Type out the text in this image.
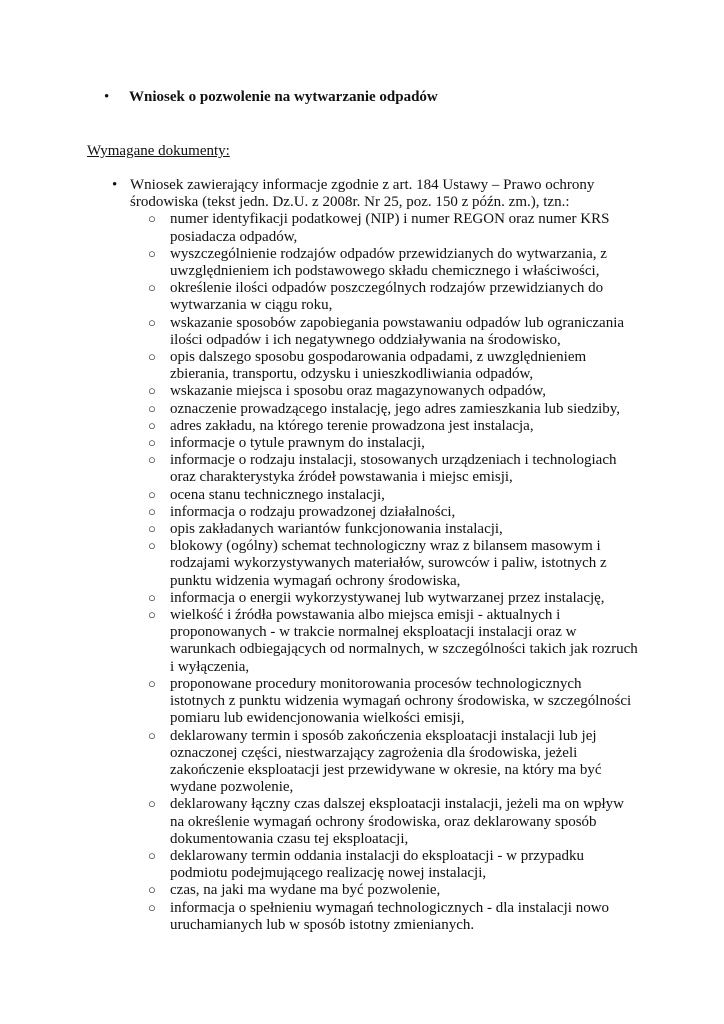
• Wniosek o pozwolenie na wytwarzanie odpadów
Wymagane dokumenty:
• Wniosek zawierający informacje zgodnie z art. 184 Ustawy – Prawo ochrony środowiska (tekst jedn. Dz.U. z 2008r. Nr 25, poz. 150 z późn. zm.), tzn.:
○ numer identyfikacji podatkowej (NIP) i numer REGON oraz numer KRS posiadacza odpadów,
○ wyszczególnienie rodzajów odpadów przewidzianych do wytwarzania, z uwzględnieniem ich podstawowego składu chemicznego i właściwości,
○ określenie ilości odpadów poszczególnych rodzajów przewidzianych do wytwarzania w ciągu roku,
○ wskazanie sposobów zapobiegania powstawaniu odpadów lub ograniczania ilości odpadów i ich negatywnego oddziaływania na środowisko,
○ opis dalszego sposobu gospodarowania odpadami, z uwzględnieniem zbierania, transportu, odzysku i unieszkodliwiania odpadów,
○ wskazanie miejsca i sposobu oraz magazynowanych odpadów,
○ oznaczenie prowadzącego instalację, jego adres zamieszkania lub siedziby,
○ adres zakładu, na którego terenie prowadzona jest instalacja,
○ informacje o tytule prawnym do instalacji,
○ informacje o rodzaju instalacji, stosowanych urządzeniach i technologiach oraz charakterystyka źródeł powstawania i miejsc emisji,
○ ocena stanu technicznego instalacji,
○ informacja o rodzaju prowadzonej działalności,
○ opis zakładanych wariantów funkcjonowania instalacji,
○ blokowy (ogólny) schemat technologiczny wraz z bilansem masowym i rodzajami wykorzystywanych materiałów, surowców i paliw, istotnych z punktu widzenia wymagań ochrony środowiska,
○ informacja o energii wykorzystywanej lub wytwarzanej przez instalację,
○ wielkość i źródła powstawania albo miejsca emisji - aktualnych i proponowanych - w trakcie normalnej eksploatacji instalacji oraz w warunkach odbiegających od normalnych, w szczególności takich jak rozruch i wyłączenia,
○ proponowane procedury monitorowania procesów technologicznych istotnych z punktu widzenia wymagań ochrony środowiska, w szczególności pomiaru lub ewidencjonowania wielkości emisji,
○ deklarowany termin i sposób zakończenia eksploatacji instalacji lub jej oznaczonej części, niestwarzający zagrożenia dla środowiska, jeżeli zakończenie eksploatacji jest przewidywane w okresie, na który ma być wydane pozwolenie,
○ deklarowany łączny czas dalszej eksploatacji instalacji, jeżeli ma on wpływ na określenie wymagań ochrony środowiska, oraz deklarowany sposób dokumentowania czasu tej eksploatacji,
○ deklarowany termin oddania instalacji do eksploatacji - w przypadku podmiotu podejmującego realizację nowej instalacji,
○ czas, na jaki ma wydane ma być pozwolenie,
○ informacja o spełnieniu wymagań technologicznych - dla instalacji nowo uruchamianych lub w sposób istotny zmienianych.
